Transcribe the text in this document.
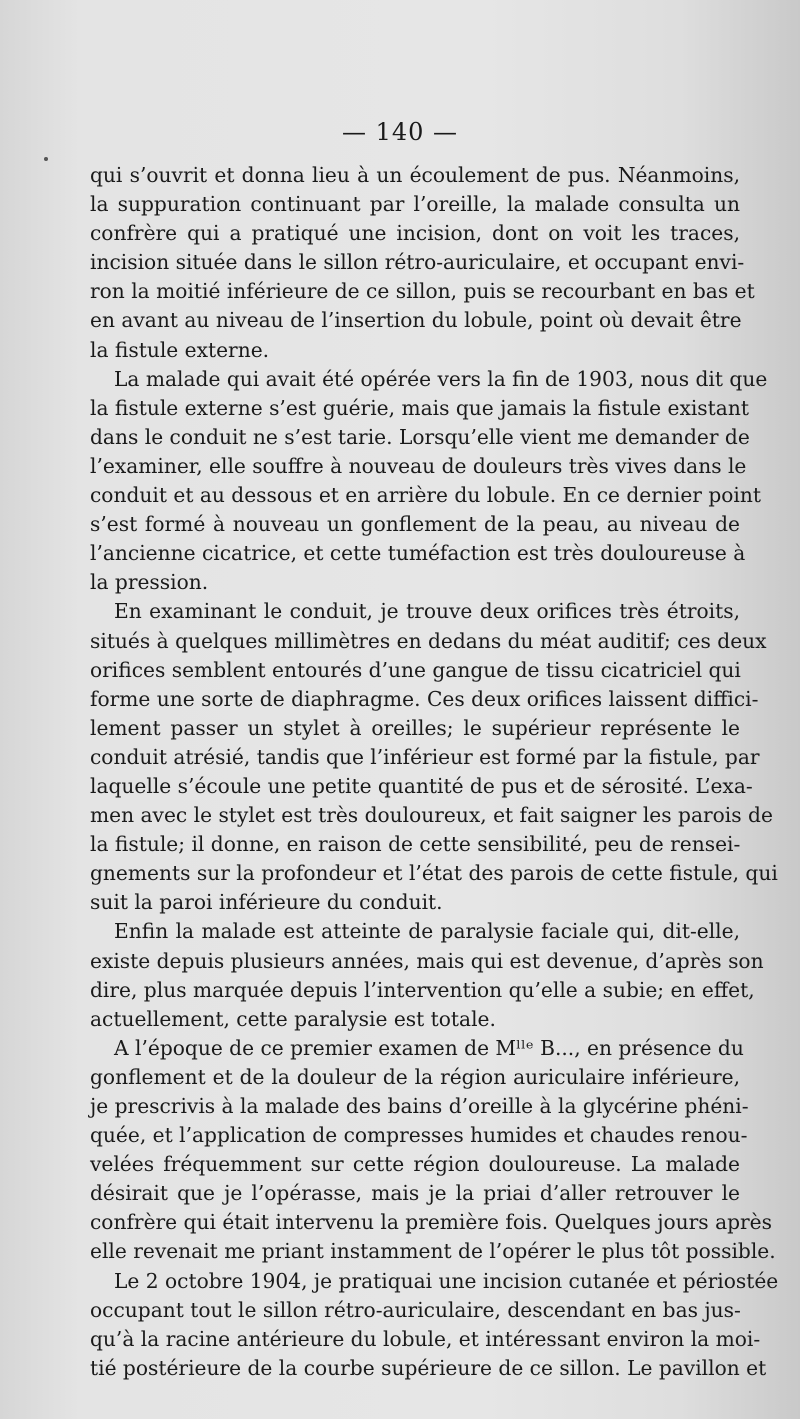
— 140 —
qui s’ouvrit et donna lieu à un écoulement de pus. Néanmoins,
la suppuration continuant par l’oreille, la malade consulta un
confrère qui a pratiqué une incision, dont on voit les traces,
incision située dans le sillon rétro-auriculaire, et occupant envi-
ron la moitié inférieure de ce sillon, puis se recourbant en bas et
en avant au niveau de l’insertion du lobule, point où devait être
la fistule externe.
La malade qui avait été opérée vers la fin de 1903, nous dit que
la fistule externe s’est guérie, mais que jamais la fistule existant
dans le conduit ne s’est tarie. Lorsqu’elle vient me demander de
l’examiner, elle souffre à nouveau de douleurs très vives dans le
conduit et au dessous et en arrière du lobule. En ce dernier point
s’est formé à nouveau un gonflement de la peau, au niveau de
l’ancienne cicatrice, et cette tuméfaction est très douloureuse à
la pression.
En examinant le conduit, je trouve deux orifices très étroits,
situés à quelques millimètres en dedans du méat auditif; ces deux
orifices semblent entourés d’une gangue de tissu cicatriciel qui
forme une sorte de diaphragme. Ces deux orifices laissent diffici-
lement passer un stylet à oreilles; le supérieur représente le
conduit atrésié, tandis que l’inférieur est formé par la fistule, par
laquelle s’écoule une petite quantité de pus et de sérosité. L’exa-
men avec le stylet est très douloureux, et fait saigner les parois de
la fistule; il donne, en raison de cette sensibilité, peu de rensei-
gnements sur la profondeur et l’état des parois de cette fistule, qui
suit la paroi inférieure du conduit.
Enfin la malade est atteinte de paralysie faciale qui, dit-elle,
existe depuis plusieurs années, mais qui est devenue, d’après son
dire, plus marquée depuis l’intervention qu’elle a subie; en effet,
actuellement, cette paralysie est totale.
A l’époque de ce premier examen de Mˡˡᵉ B..., en présence du
gonflement et de la douleur de la région auriculaire inférieure,
je prescrivis à la malade des bains d’oreille à la glycérine phéni-
quée, et l’application de compresses humides et chaudes renou-
velées fréquemment sur cette région douloureuse. La malade
désirait que je l’opérasse, mais je la priai d’aller retrouver le
confrère qui était intervenu la première fois. Quelques jours après
elle revenait me priant instamment de l’opérer le plus tôt possible.
Le 2 octobre 1904, je pratiquai une incision cutanée et périostée
occupant tout le sillon rétro-auriculaire, descendant en bas jus-
qu’à la racine antérieure du lobule, et intéressant environ la moi-
tié postérieure de la courbe supérieure de ce sillon. Le pavillon et
